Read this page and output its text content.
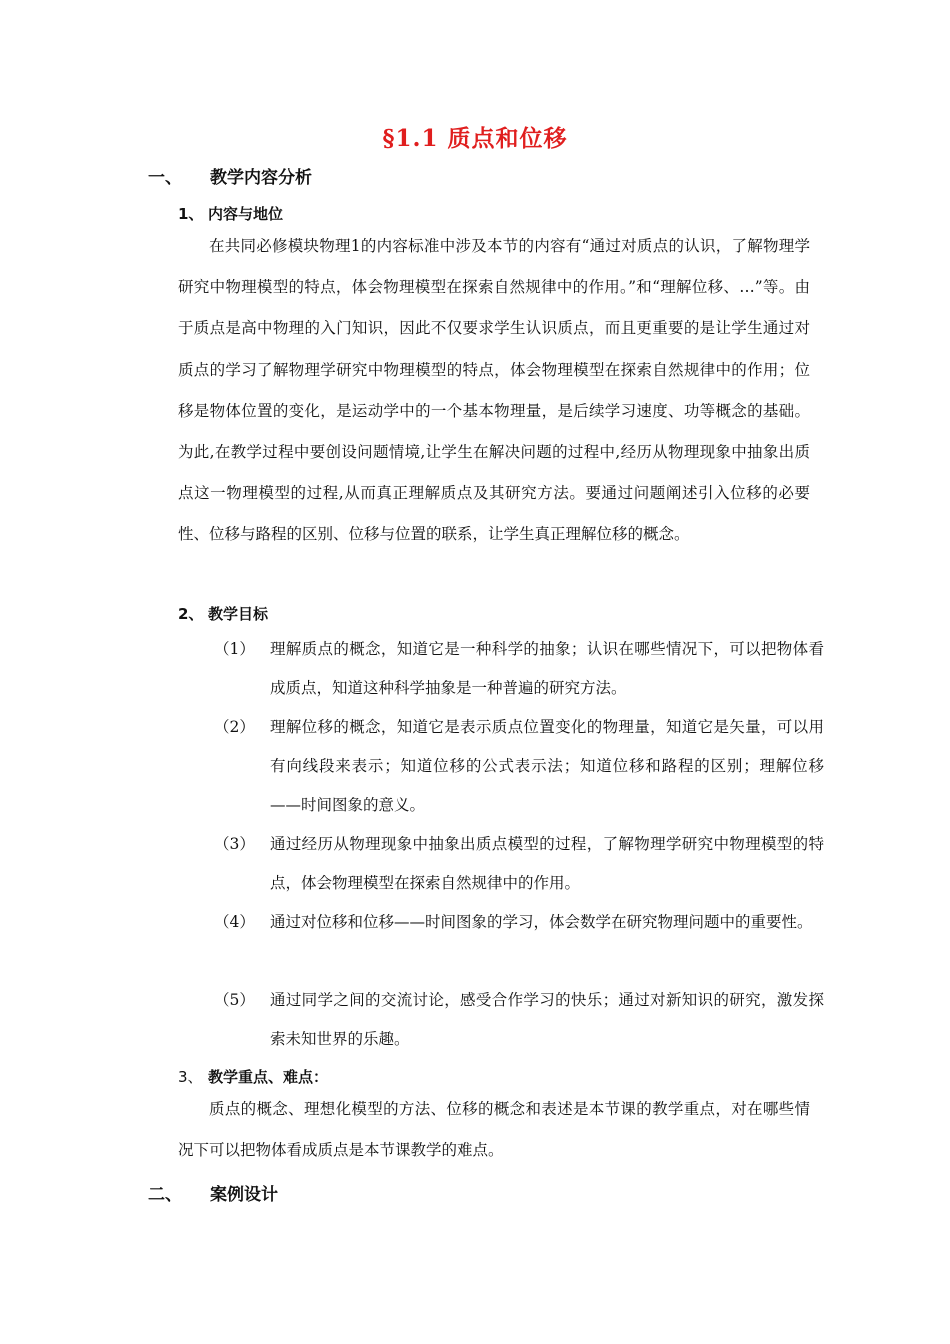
§1.1 质点和位移
一、 教学内容分析
1、 内容与地位

在共同必修模块物理1的内容标准中涉及本节的内容有“通过对质点的认识，了解物理学研究中物理模型的特点，体会物理模型在探索自然规律中的作用。”和“理解位移、…”等。由于质点是高中物理的入门知识，因此不仅要求学生认识质点，而且更重要的是让学生通过对质点的学习了解物理学研究中物理模型的特点，体会物理模型在探索自然规律中的作用；位移是物体位置的变化，是运动学中的一个基本物理量，是后续学习速度、功等概念的基础。为此,在教学过程中要创设问题情境,让学生在解决问题的过程中,经历从物理现象中抽象出质点这一物理模型的过程,从而真正理解质点及其研究方法。要通过问题阐述引入位移的必要性、位移与路程的区别、位移与位置的联系，让学生真正理解位移的概念。

2、 教学目标
（1） 理解质点的概念，知道它是一种科学的抽象；认识在哪些情况下，可以把物体看成质点，知道这种科学抽象是一种普遍的研究方法。
（2） 理解位移的概念，知道它是表示质点位置变化的物理量，知道它是矢量，可以用有向线段来表示；知道位移的公式表示法；知道位移和路程的区别；理解位移——时间图象的意义。
（3） 通过经历从物理现象中抽象出质点模型的过程，了解物理学研究中物理模型的特点，体会物理模型在探索自然规律中的作用。
（4） 通过对位移和位移——时间图象的学习，体会数学在研究物理问题中的重要性。
（5） 通过同学之间的交流讨论，感受合作学习的快乐；通过对新知识的研究，激发探索未知世界的乐趣。
3、 教学重点、难点：

质点的概念、理想化模型的方法、位移的概念和表述是本节课的教学重点，对在哪些情况下可以把物体看成质点是本节课教学的难点。

二、 案例设计
